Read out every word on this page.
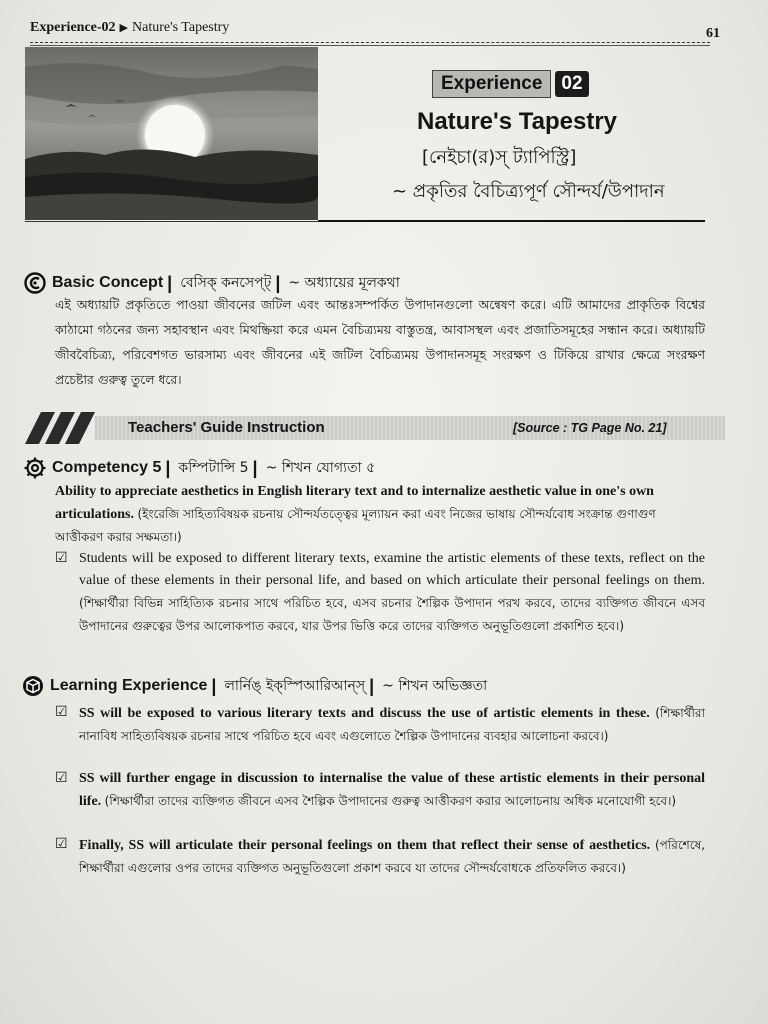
Experience-02 ▶ Nature's Tapestry	61
Experience	02
Nature's Tapestry
[নেইচা(র)স্ ট্যাপিস্ট্রি]
~ প্রকৃতির বৈচিত্র্যপূর্ণ সৌন্দর্য/উপাদান
Basic Concept | বেসিক্ কনসেপ্ট্ | ~ অধ্যায়ের মূলকথা
এই অধ্যায়টি প্রকৃতিতে পাওয়া জীবনের জটিল এবং আন্তঃসম্পর্কিত উপাদানগুলো অন্বেষণ করে। এটি আমাদের প্রাকৃতিক বিশ্বের কাঠামো গঠনের জন্য সহাবস্থান এবং মিথষ্ক্রিয়া করে এমন বৈচিত্র্যময় বাস্তুতন্ত্র, আবাসস্থল এবং প্রজাতিসমূহের সন্ধান করে। অধ্যায়টি জীববৈচিত্র্য, পরিবেশগত ভারসাম্য এবং জীবনের এই জটিল বৈচিত্র্যময় উপাদানসমূহ সংরক্ষণ ও টিকিয়ে রাখার ক্ষেত্রে সংরক্ষণ প্রচেষ্টার গুরুত্ব তুলে ধরে।
Teachers' Guide Instruction	[Source : TG Page No. 21]
Competency 5 | কম্পিটান্সি 5 | ~ শিখন যোগ্যতা ৫
Ability to appreciate aesthetics in English literary text and to internalize aesthetic value in one's own articulations. (ইংরেজি সাহিত্যবিষয়ক রচনায় সৌন্দর্যতত্ত্বের মূল্যায়ন করা এবং নিজের ভাষায় সৌন্দর্যবোধ সংক্রান্ত গুণাগুণ আত্তীকরণ করার সক্ষমতা।)
☑ Students will be exposed to different literary texts, examine the artistic elements of these texts, reflect on the value of these elements in their personal life, and based on which articulate their personal feelings on them. (শিক্ষার্থীরা বিভিন্ন সাহিত্যিক রচনার সাথে পরিচিত হবে, এসব রচনার শৈল্পিক উপাদান পরখ করবে, তাদের ব্যক্তিগত জীবনে এসব উপাদানের গুরুত্বের উপর আলোকপাত করবে, যার উপর ভিত্তি করে তাদের ব্যক্তিগত অনুভূতিগুলো প্রকাশিত হবে।)
Learning Experience | লার্নিঙ্ ইক্‌স্পিআরিআন্‌স্ | ~ শিখন অভিজ্ঞতা
☑ SS will be exposed to various literary texts and discuss the use of artistic elements in these. (শিক্ষার্থীরা নানাবিধ সাহিত্যবিষয়ক রচনার সাথে পরিচিত হবে এবং এগুলোতে শৈল্পিক উপাদানের ব্যবহার আলোচনা করবে।)
☑ SS will further engage in discussion to internalise the value of these artistic elements in their personal life. (শিক্ষার্থীরা তাদের ব্যক্তিগত জীবনে এসব শৈল্পিক উপাদানের গুরুত্ব আত্তীকরণ করার আলোচনায় অধিক মনোযোগী হবে।)
☑ Finally, SS will articulate their personal feelings on them that reflect their sense of aesthetics. (পরিশেষে, শিক্ষার্থীরা এগুলোর ওপর তাদের ব্যক্তিগত অনুভূতিগুলো প্রকাশ করবে যা তাদের সৌন্দর্যবোধকে প্রতিফলিত করবে।)
